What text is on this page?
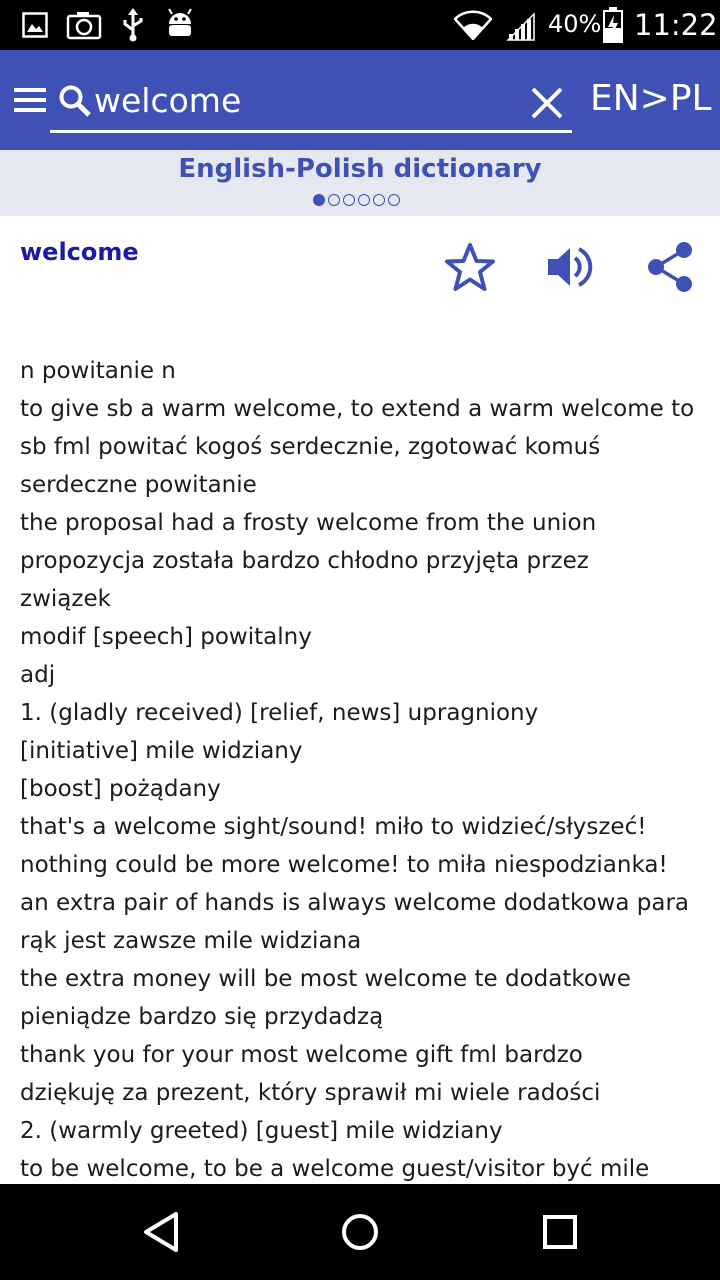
40% 11:22
welcome
EN>PL
English-Polish dictionary
welcome
n powitanie n
to give sb a warm welcome, to extend a warm welcome to
sb fml powitać kogoś serdecznie, zgotować komuś
serdeczne powitanie
the proposal had a frosty welcome from the union
propozycja została bardzo chłodno przyjęta przez
związek
modif [speech] powitalny
adj
1. (gladly received) [relief, news] upragniony
[initiative] mile widziany
[boost] pożądany
that's a welcome sight/sound! miło to widzieć/słyszeć!
nothing could be more welcome! to miła niespodzianka!
an extra pair of hands is always welcome dodatkowa para
rąk jest zawsze mile widziana
the extra money will be most welcome te dodatkowe
pieniądze bardzo się przydadzą
thank you for your most welcome gift fml bardzo
dziękuję za prezent, który sprawił mi wiele radości
2. (warmly greeted) [guest] mile widziany
to be welcome, to be a welcome guest/visitor być mile
